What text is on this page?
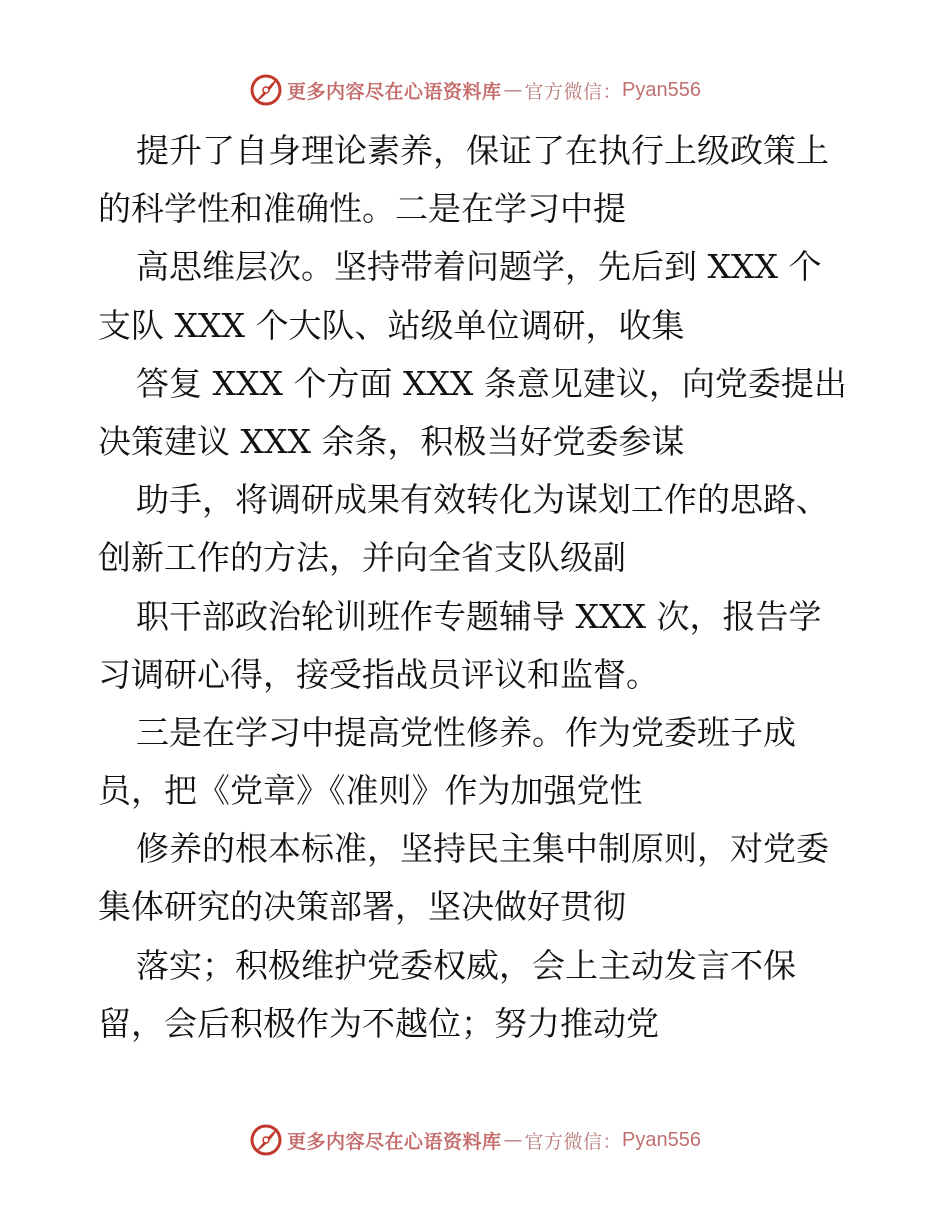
更多内容尽在心语资料库 — 官方微信： Pyan556
提升了自身理论素养，保证了在执行上级政策上
的科学性和准确性。二是在学习中提
高思维层次。坚持带着问题学，先后到 XXX 个
支队 XXX 个大队、站级单位调研，收集
答复 XXX 个方面 XXX 条意见建议，向党委提出
决策建议 XXX 余条，积极当好党委参谋
助手，将调研成果有效转化为谋划工作的思路、
创新工作的方法，并向全省支队级副
职干部政治轮训班作专题辅导 XXX 次，报告学
习调研心得，接受指战员评议和监督。
三是在学习中提高党性修养。作为党委班子成
员，把《党章》《准则》作为加强党性
修养的根本标准，坚持民主集中制原则，对党委
集体研究的决策部署，坚决做好贯彻
落实；积极维护党委权威，会上主动发言不保
留，会后积极作为不越位；努力推动党
更多内容尽在心语资料库 — 官方微信： Pyan556
